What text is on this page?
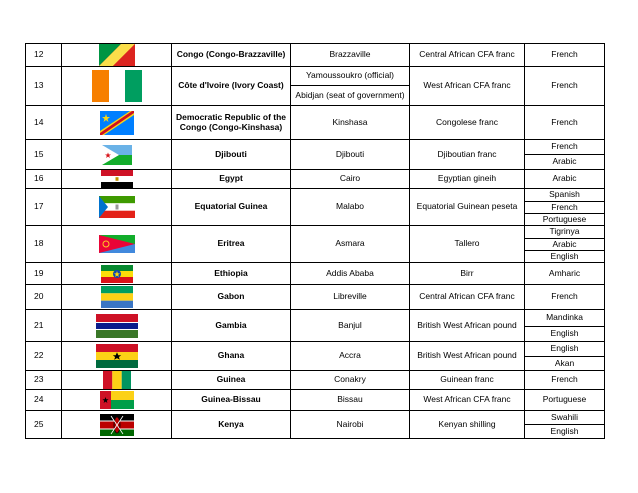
12		Congo (Congo-Brazzaville)	Brazzaville	Central African CFA franc	French
13		Côte d'Ivoire (Ivory Coast)	Yamoussoukro (official)	West African CFA franc	French
			Abidjan (seat of government)		
14		Democratic Republic of the Congo (Congo-Kinshasa)	Kinshasa	Congolese franc	French
15		Djibouti	Djibouti	Djiboutian franc	French
					Arabic
16		Egypt	Cairo	Egyptian gineih	Arabic
17		Equatorial Guinea	Malabo	Equatorial Guinean peseta	Spanish
					French
					Portuguese
18		Eritrea	Asmara	Tallero	Tigrinya
					Arabic
					English
19		Ethiopia	Addis Ababa	Birr	Amharic
20		Gabon	Libreville	Central African CFA franc	French
21		Gambia	Banjul	British West African pound	Mandinka
					English
22		Ghana	Accra	British West African pound	English
					Akan
23		Guinea	Conakry	Guinean franc	French
24		Guinea-Bissau	Bissau	West African CFA franc	Portuguese
25		Kenya	Nairobi	Kenyan shilling	Swahili
					English
